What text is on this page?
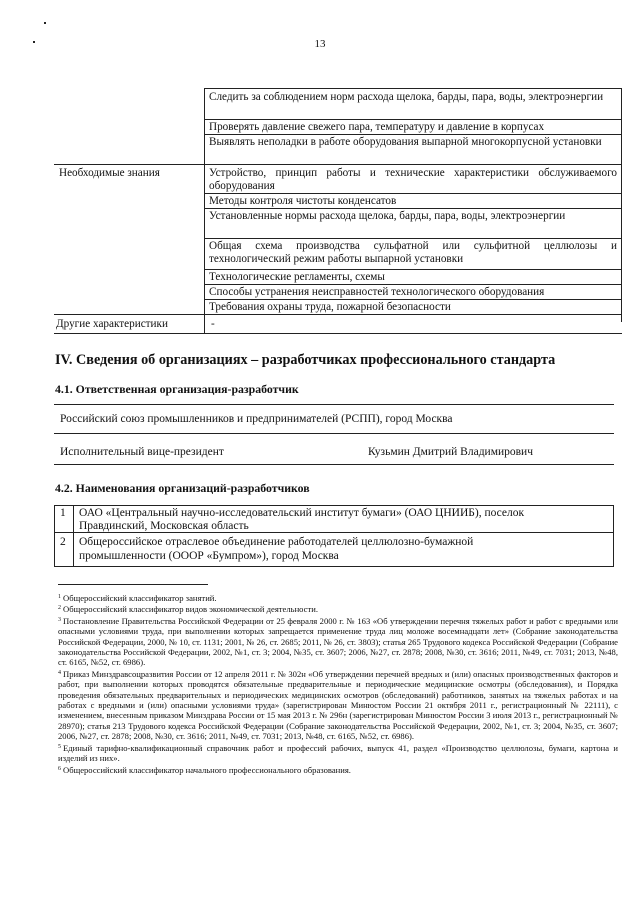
13
Следить за соблюдением норм расхода щелока, барды, пара, воды, электроэнергии
Проверять давление свежего пара, температуру и давление в корпусах
Выявлять неполадки в работе оборудования выпарной многокорпусной установки
Необходимые знания	Устройство, принцип работы и технические характеристики обслуживаемого оборудования
Методы контроля чистоты конденсатов
Установленные нормы расхода щелока, барды, пара, воды, электроэнергии
Общая схема производства сульфатной или сульфитной целлюлозы и технологический режим работы выпарной установки
Технологические регламенты, схемы
Способы устранения неисправностей технологического оборудования
Требования охраны труда, пожарной безопасности
Другие характеристики	-
IV. Сведения об организациях – разработчиках профессионального стандарта
4.1. Ответственная организация-разработчик
Российский союз промышленников и предпринимателей (РСПП), город Москва
Исполнительный вице-президент	Кузьмин Дмитрий Владимирович
4.2. Наименования организаций-разработчиков
1 ОАО «Центральный научно-исследовательский институт бумаги» (ОАО ЦНИИБ), поселок
Правдинский, Московская область
2 Общероссийское отраслевое объединение работодателей целлюлозно-бумажной
промышленности (ОООР «Бумпром»), город Москва

$^1$ Общероссийский классификатор занятий.

$^2$ Общероссийский классификатор видов экономической деятельности.

$^3$ Постановление Правительства Российской Федерации от 25 февраля 2000 г. № 163 «Об утверждении перечня тяжелых работ и работ с вредными или опасными условиями труда, при выполнении которых запрещается применение труда лиц моложе восемнадцати лет» (Собрание законодательства Российской Федерации, 2000, № 10, ст. 1131; 2001, № 26, ст. 2685; 2011, № 26, ст. 3803); статья 265 Трудового кодекса Российской Федерации (Собрание законодательства Российской Федерации, 2002, №1, ст. 3; 2004, №35, ст. 3607; 2006, №27, ст. 2878; 2008, №30, ст. 3616; 2011, №49, ст. 7031; 2013, №48, ст. 6165, №52, ст. 6986).

$^4$ Приказ Минздравсоцразвития России от 12 апреля 2011 г. № 302н «Об утверждении перечней вредных и (или) опасных производственных факторов и работ, при выполнении которых проводятся обязательные предварительные и периодические медицинские осмотры (обследования), и Порядка проведения обязательных предварительных и периодических медицинских осмотров (обследований) работников, занятых на тяжелых работах и на работах с вредными и (или) опасными условиями труда» (зарегистрирован Минюстом России 21 октября 2011 г., регистрационный № 22111), с изменением, внесенным приказом Минздрава России от 15 мая 2013 г. № 296н (зарегистрирован Минюстом России 3 июля 2013 г., регистрационный № 28970); статья 213 Трудового кодекса Российской Федерации (Собрание законодательства Российской Федерации, 2002, №1, ст. 3; 2004, №35, ст. 3607; 2006, №27, ст. 2878; 2008, №30, ст. 3616; 2011, №49, ст. 7031; 2013, №48, ст. 6165, №52, ст. 6986).

$^5$ Единый тарифно-квалификационный справочник работ и профессий рабочих, выпуск 41, раздел «Производство целлюлозы, бумаги, картона и изделий из них».

$^6$ Общероссийский классификатор начального профессионального образования.
